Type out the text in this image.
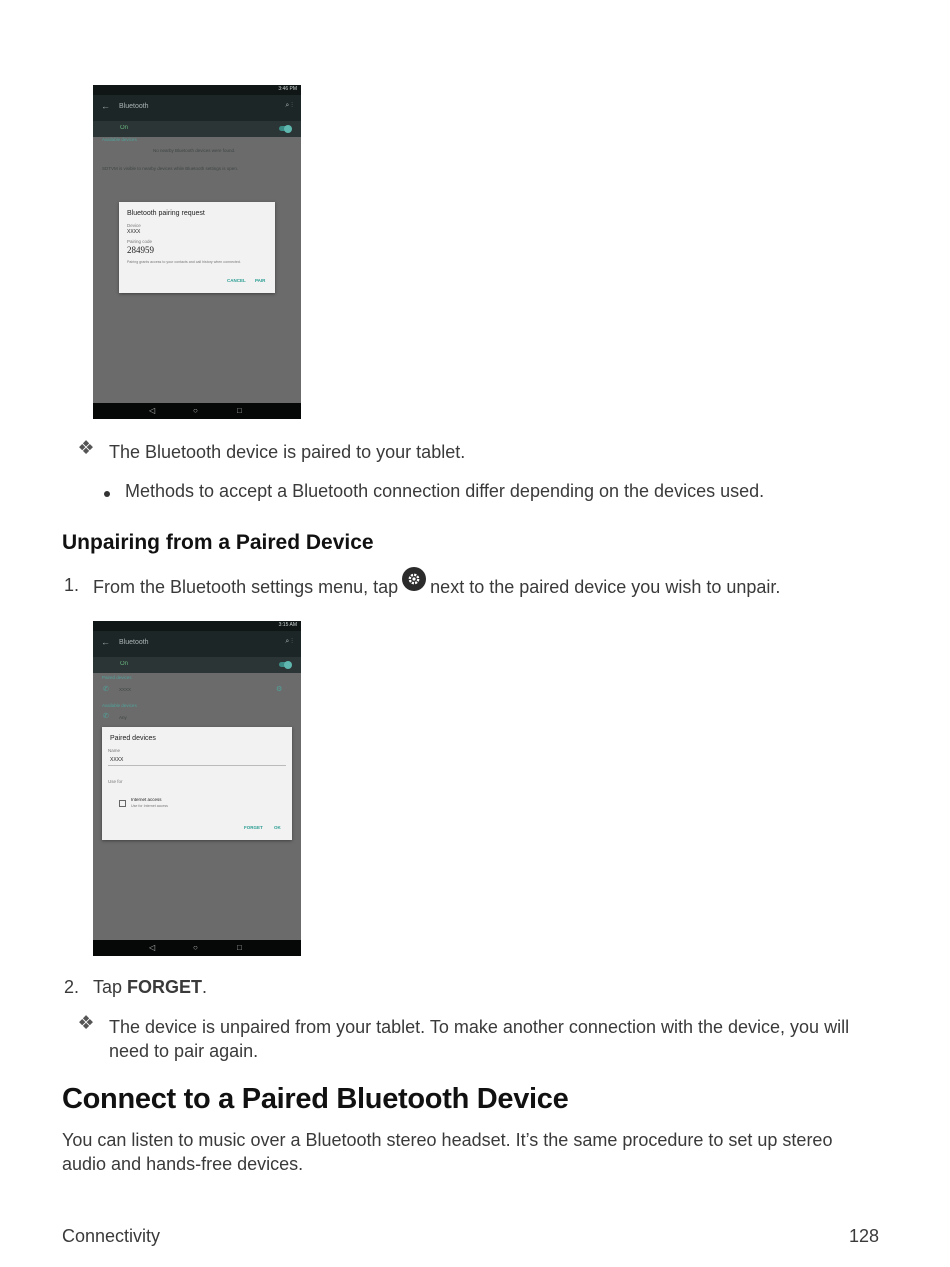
3:46 PM
← Bluetooth	⌕ ⋮
On
Available devices
No nearby Bluetooth devices were found.
SDTVM is visible to nearby devices while Bluetooth settings is open.
Bluetooth pairing request
Device
XXXX
Pairing code
284959
Pairing grants access to your contacts and call history when connected.
CANCEL PAIR
◁	○	□
❖ The Bluetooth device is paired to your tablet.
Methods to accept a Bluetooth connection differ depending on the devices used.
Unpairing from a Paired Device
1. From the Bluetooth settings menu, tap next to the paired device you wish to unpair.
3:15 AM
← Bluetooth	⌕ ⋮
On
Paired devices
✆ XXXX	⚙
Available devices
✆ Any
Paired devices
Name
XXXX
Use for
Internet access
Use for Internet access
FORGET	OK
◁	○	□
2. Tap FORGET.
❖ The device is unpaired from your tablet. To make another connection with the device, you will need to pair again.
Connect to a Paired Bluetooth Device
You can listen to music over a Bluetooth stereo headset. It’s the same procedure to set up stereo audio and hands-free devices.
Connectivity	128
